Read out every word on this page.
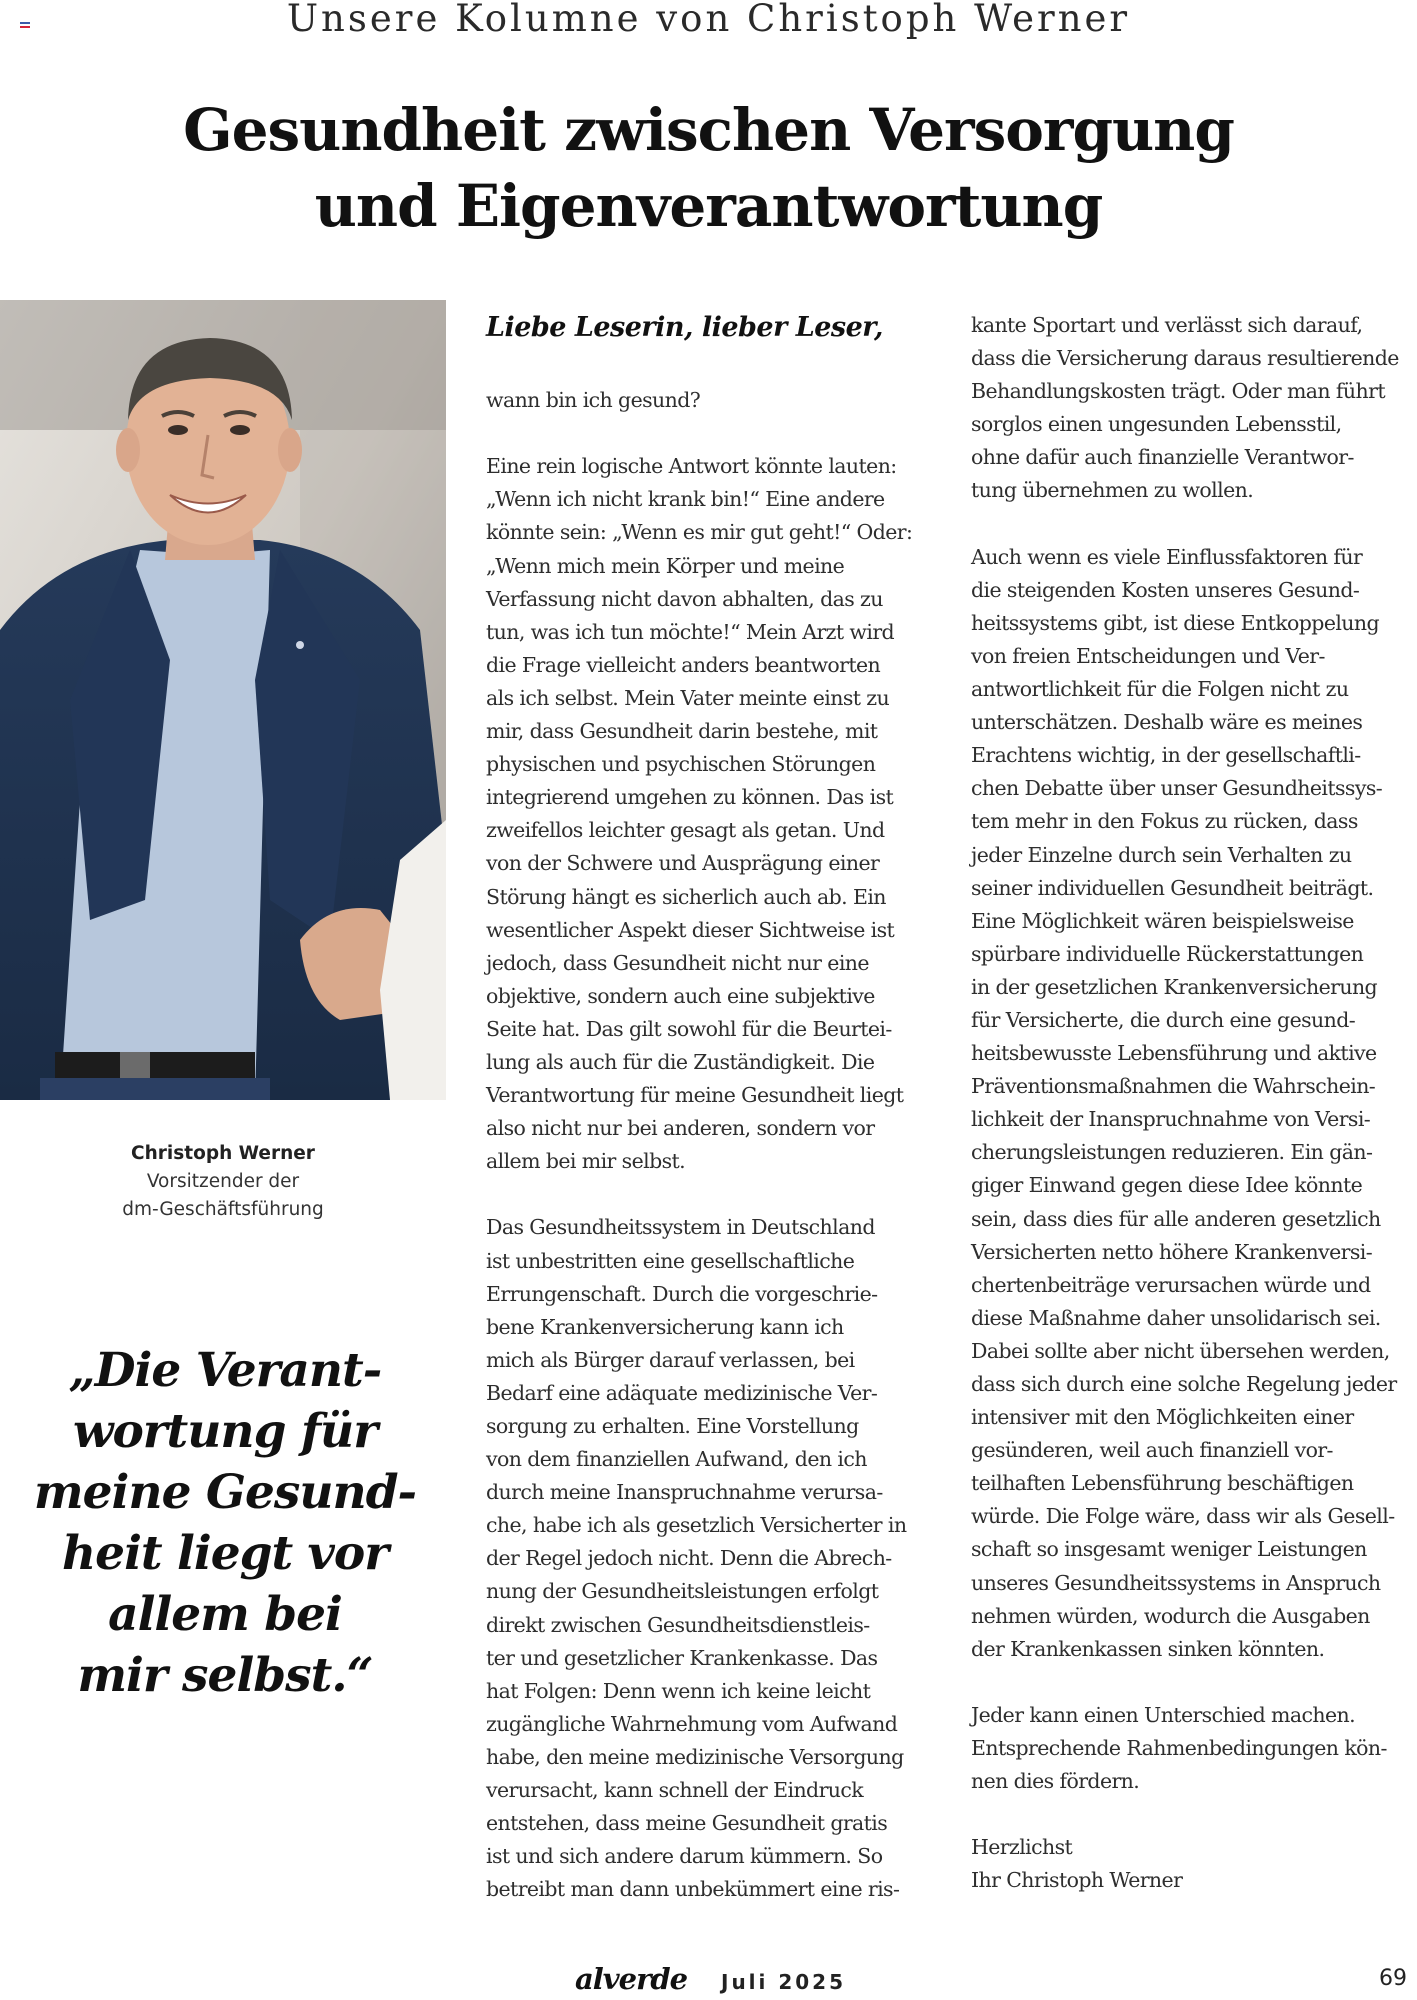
Unsere Kolumne von Christoph Werner
Gesundheit zwischen Versorgung
und Eigenverantwortung
Christoph Werner
Vorsitzender der
dm-Geschäftsführung
„Die Verant-
wortung für
meine Gesund-
heit liegt vor
allem bei
mir selbst.“
Liebe Leserin, lieber Leser,
wann bin ich gesund?
Eine rein logische Antwort könnte lauten:
„Wenn ich nicht krank bin!“ Eine andere
könnte sein: „Wenn es mir gut geht!“ Oder:
„Wenn mich mein Körper und meine
Verfassung nicht davon abhalten, das zu
tun, was ich tun möchte!“ Mein Arzt wird
die Frage vielleicht anders beantworten
als ich selbst. Mein Vater meinte einst zu
mir, dass Gesundheit darin bestehe, mit
physischen und psychischen Störungen
integrierend umgehen zu können. Das ist
zweifellos leichter gesagt als getan. Und
von der Schwere und Ausprägung einer
Störung hängt es sicherlich auch ab. Ein
wesentlicher Aspekt dieser Sichtweise ist
jedoch, dass Gesundheit nicht nur eine
objektive, sondern auch eine subjektive
Seite hat. Das gilt sowohl für die Beurtei-
lung als auch für die Zuständigkeit. Die
Verantwortung für meine Gesundheit liegt
also nicht nur bei anderen, sondern vor
allem bei mir selbst.
Das Gesundheitssystem in Deutschland
ist unbestritten eine gesellschaftliche
Errungenschaft. Durch die vorgeschrie-
bene Krankenversicherung kann ich
mich als Bürger darauf verlassen, bei
Bedarf eine adäquate medizinische Ver-
sorgung zu erhalten. Eine Vorstellung
von dem finanziellen Aufwand, den ich
durch meine Inanspruchnahme verursa-
che, habe ich als gesetzlich Versicherter in
der Regel jedoch nicht. Denn die Abrech-
nung der Gesundheitsleistungen erfolgt
direkt zwischen Gesundheitsdienstleis-
ter und gesetzlicher Krankenkasse. Das
hat Folgen: Denn wenn ich keine leicht
zugängliche Wahrnehmung vom Aufwand
habe, den meine medizinische Versorgung
verursacht, kann schnell der Eindruck
entstehen, dass meine Gesundheit gratis
ist und sich andere darum kümmern. So
betreibt man dann unbekümmert eine ris-
kante Sportart und verlässt sich darauf,
dass die Versicherung daraus resultierende
Behandlungskosten trägt. Oder man führt
sorglos einen ungesunden Lebensstil,
ohne dafür auch finanzielle Verantwor-
tung übernehmen zu wollen.
Auch wenn es viele Einflussfaktoren für
die steigenden Kosten unseres Gesund-
heitssystems gibt, ist diese Entkoppelung
von freien Entscheidungen und Ver-
antwortlichkeit für die Folgen nicht zu
unterschätzen. Deshalb wäre es meines
Erachtens wichtig, in der gesellschaftli-
chen Debatte über unser Gesundheitssys-
tem mehr in den Fokus zu rücken, dass
jeder Einzelne durch sein Verhalten zu
seiner individuellen Gesundheit beiträgt.
Eine Möglichkeit wären beispielsweise
spürbare individuelle Rückerstattungen
in der gesetzlichen Krankenversicherung
für Versicherte, die durch eine gesund-
heitsbewusste Lebensführung und aktive
Präventionsmaßnahmen die Wahrschein-
lichkeit der Inanspruchnahme von Versi-
cherungsleistungen reduzieren. Ein gän-
giger Einwand gegen diese Idee könnte
sein, dass dies für alle anderen gesetzlich
Versicherten netto höhere Krankenversi-
chertenbeiträge verursachen würde und
diese Maßnahme daher unsolidarisch sei.
Dabei sollte aber nicht übersehen werden,
dass sich durch eine solche Regelung jeder
intensiver mit den Möglichkeiten einer
gesünderen, weil auch finanziell vor-
teilhaften Lebensführung beschäftigen
würde. Die Folge wäre, dass wir als Gesell-
schaft so insgesamt weniger Leistungen
unseres Gesundheitssystems in Anspruch
nehmen würden, wodurch die Ausgaben
der Krankenkassen sinken könnten.
Jeder kann einen Unterschied machen.
Entsprechende Rahmenbedingungen kön-
nen dies fördern.
Herzlichst
Ihr Christoph Werner
alverde Juli 2025	69
